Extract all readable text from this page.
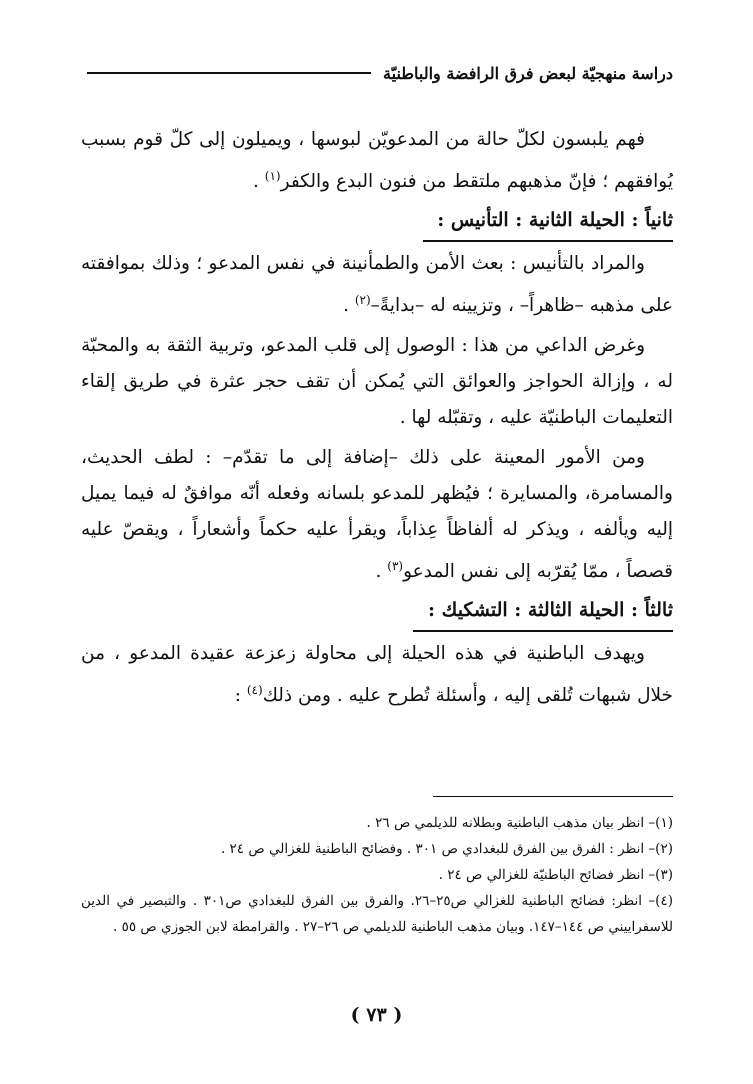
دراسة منهجيّة لبعض فرق الرافضة والباطنيّة

فهم يلبسون لكلّ حالة من المدعويّن لبوسها ، ويميلون إلى كلّ قوم بسبب يُوافقهم ؛ فإنّ مذهبهم ملتقط من فنون البدع والكفر$^{(١)}$ .

ثانياً : الحيلة الثانية : التأنيس :

والمراد بالتأنيس : بعث الأمن والطمأنينة في نفس المدعو ؛ وذلك بموافقته على مذهبه –ظاهراً– ، وتزيينه له –بدايةً–$^{(٢)}$ .

وغرض الداعي من هذا : الوصول إلى قلب المدعو، وتربية الثقة به والمحبّة له ، وإزالة الحواجز والعوائق التي يُمكن أن تقف حجر عثرة في طريق إلقاء التعليمات الباطنيّة عليه ، وتقبّله لها .

ومن الأمور المعينة على ذلك –إضافة إلى ما تقدّم– : لطف الحديث، والمسامرة، والمسايرة ؛ فيُظهر للمدعو بلسانه وفعله أنّه موافقٌ له فيما يميل إليه ويألفه ، ويذكر له ألفاظاً عِذاباً، ويقرأ عليه حكماً وأشعاراً ، ويقصّ عليه قصصاً ، ممّا يُقرّبه إلى نفس المدعو$^{(٣)}$ .

ثالثاً : الحيلة الثالثة : التشكيك :

ويهدف الباطنية في هذه الحيلة إلى محاولة زعزعة عقيدة المدعو ، من خلال شبهات تُلقى إليه ، وأسئلة تُطرح عليه . ومن ذلك$^{(٤)}$ :

(١)– انظر بيان مذهب الباطنية وبطلانه للديلمي ص ٢٦ .

(٢)– انظر : الفرق بين الفرق للبغدادي ص ٣٠١ . وفضائح الباطنية للغزالي ص ٢٤ .

(٣)– انظر فضائح الباطنيّة للغزالي ص ٢٤ .

(٤)– انظر: فضائح الباطنية للغزالي ص٢٥–٢٦. والفرق بين الفرق للبغدادي ص٣٠١ . والتبصير في الدين للاسفراييني ص ١٤٤–١٤٧. وبيان مذهب الباطنية للديلمي ص ٢٦–٢٧ . والقرامطة لابن الجوزي ص ٥٥ .

( ٧٣ )
